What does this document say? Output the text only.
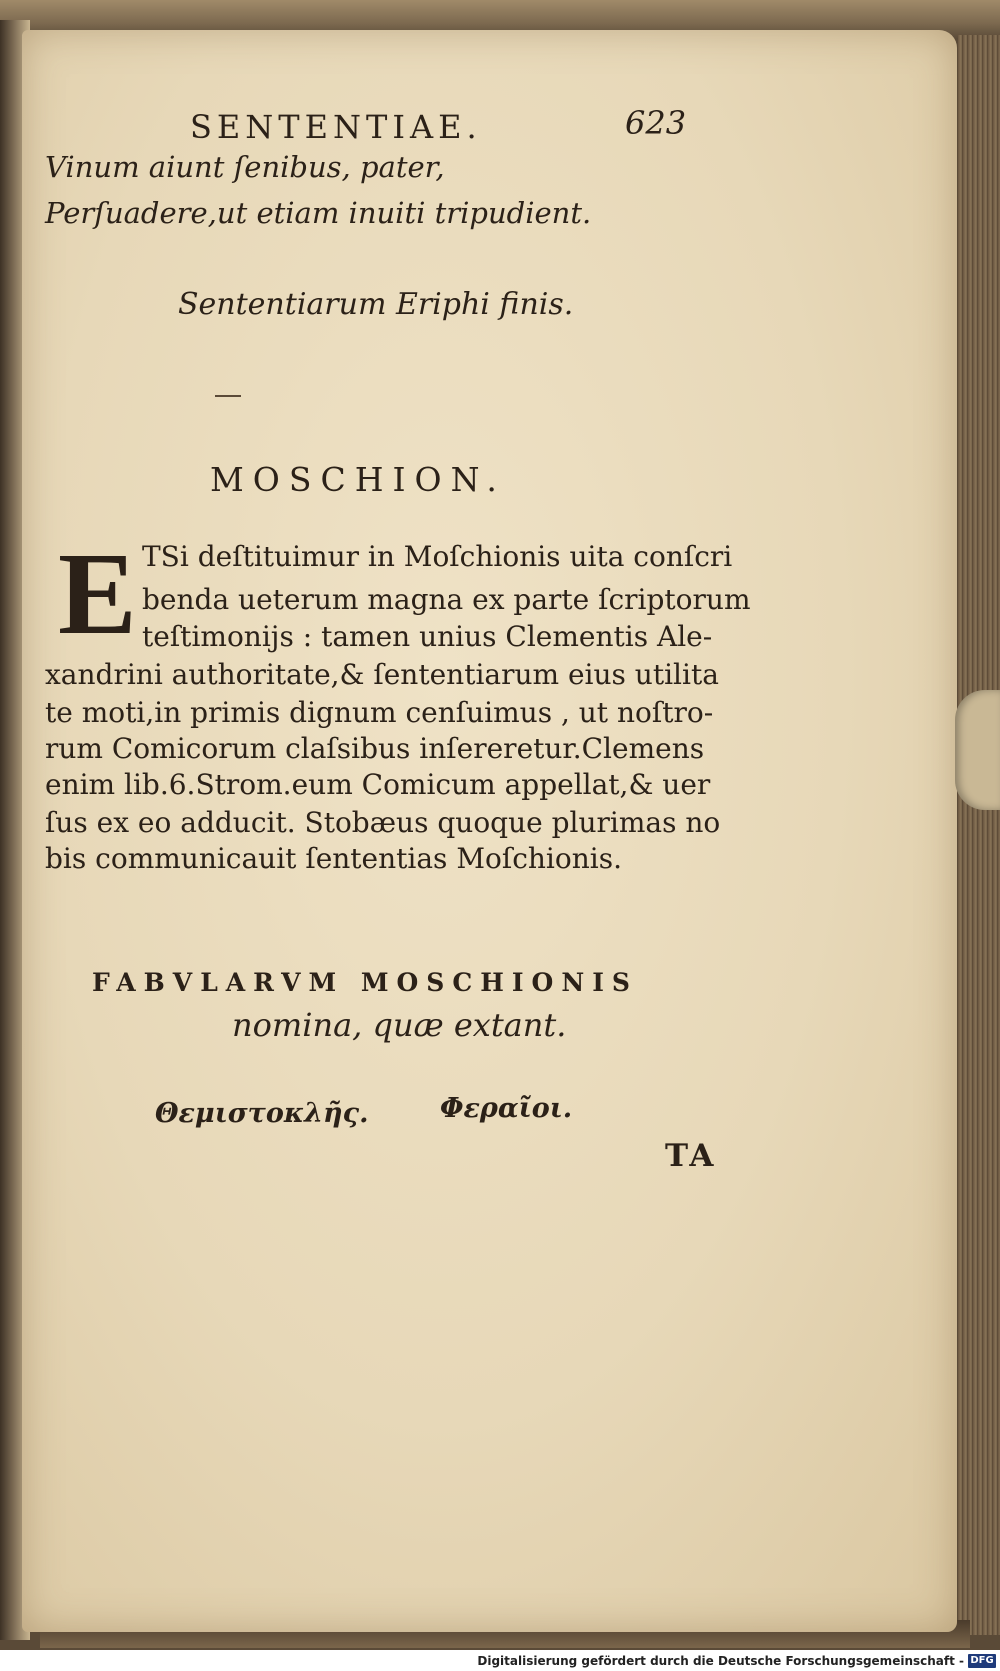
SENTENTIAE.	623
Vinum aiunt ſenibus, pater,
Perſuadere,ut etiam inuiti tripudient.
Sententiarum Eriphi finis.
MOSCHION.
E TSi deſtituimur in Moſchionis uita conſcri
benda ueterum magna ex parte ſcriptorum
teſtimonijs : tamen unius Clementis Ale-
xandrini authoritate,& ſententiarum eius utilita
te moti,in primis dignum cenſuimus , ut noſtro-
rum Comicorum claſsibus inſereretur.Clemens
enim lib.6.Strom.eum Comicum appellat,& uer
ſus ex eo adducit. Stobæus quoque plurimas no
bis communicauit ſententias Moſchionis.
FABVLARVM MOSCHIONIS
nomina, quæ extant.
Θεμιστοκλῆς.	Φεραῖοι.
TA
Digitalisierung gefördert durch die Deutsche Forschungsgemeinschaft - DFG
